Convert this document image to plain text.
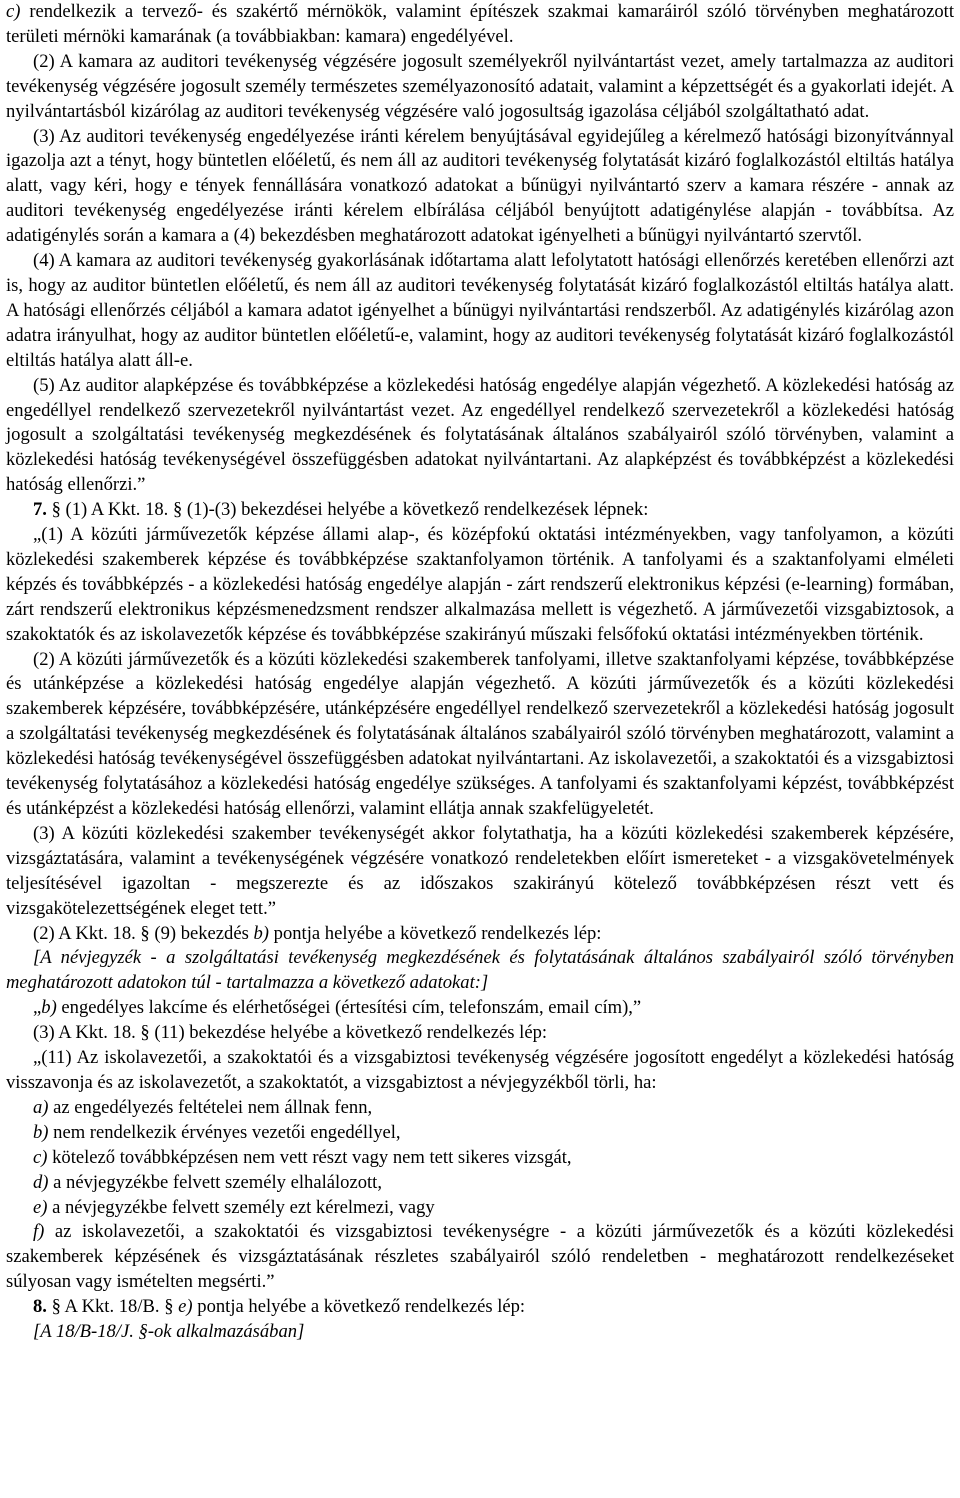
c) rendelkezik a tervező- és szakértő mérnökök, valamint építészek szakmai kamaráiról szóló törvényben meghatározott területi mérnöki kamarának (a továbbiakban: kamara) engedélyével.

(2) A kamara az auditori tevékenység végzésére jogosult személyekről nyilvántartást vezet, amely tartalmazza az auditori tevékenység végzésére jogosult személy természetes személyazonosító adatait, valamint a képzettségét és a gyakorlati idejét. A nyilvántartásból kizárólag az auditori tevékenység végzésére való jogosultság igazolása céljából szolgáltatható adat.

(3) Az auditori tevékenység engedélyezése iránti kérelem benyújtásával egyidejűleg a kérelmező hatósági bizonyítvánnyal igazolja azt a tényt, hogy büntetlen előéletű, és nem áll az auditori tevékenység folytatását kizáró foglalkozástól eltiltás hatálya alatt, vagy kéri, hogy e tények fennállására vonatkozó adatokat a bűnügyi nyilvántartó szerv a kamara részére - annak az auditori tevékenység engedélyezése iránti kérelem elbírálása céljából benyújtott adatigénylése alapján - továbbítsa. Az adatigénylés során a kamara a (4) bekezdésben meghatározott adatokat igényelheti a bűnügyi nyilvántartó szervtől.

(4) A kamara az auditori tevékenység gyakorlásának időtartama alatt lefolytatott hatósági ellenőrzés keretében ellenőrzi azt is, hogy az auditor büntetlen előéletű, és nem áll az auditori tevékenység folytatását kizáró foglalkozástól eltiltás hatálya alatt. A hatósági ellenőrzés céljából a kamara adatot igényelhet a bűnügyi nyilvántartási rendszerből. Az adatigénylés kizárólag azon adatra irányulhat, hogy az auditor büntetlen előéletű-e, valamint, hogy az auditori tevékenység folytatását kizáró foglalkozástól eltiltás hatálya alatt áll-e.

(5) Az auditor alapképzése és továbbképzése a közlekedési hatóság engedélye alapján végezhető. A közlekedési hatóság az engedéllyel rendelkező szervezetekről nyilvántartást vezet. Az engedéllyel rendelkező szervezetekről a közlekedési hatóság jogosult a szolgáltatási tevékenység megkezdésének és folytatásának általános szabályairól szóló törvényben, valamint a közlekedési hatóság tevékenységével összefüggésben adatokat nyilvántartani. Az alapképzést és továbbképzést a közlekedési hatóság ellenőrzi.”

7. § (1) A Kkt. 18. § (1)-(3) bekezdései helyébe a következő rendelkezések lépnek:

„(1) A közúti járművezetők képzése állami alap-, és középfokú oktatási intézményekben, vagy tanfolyamon, a közúti közlekedési szakemberek képzése és továbbképzése szaktanfolyamon történik. A tanfolyami és a szaktanfolyami elméleti képzés és továbbképzés - a közlekedési hatóság engedélye alapján - zárt rendszerű elektronikus képzési (e-learning) formában, zárt rendszerű elektronikus képzésmenedzsment rendszer alkalmazása mellett is végezhető. A járművezetői vizsgabiztosok, a szakoktatók és az iskolavezetők képzése és továbbképzése szakirányú műszaki felsőfokú oktatási intézményekben történik.

(2) A közúti járművezetők és a közúti közlekedési szakemberek tanfolyami, illetve szaktanfolyami képzése, továbbképzése és utánképzése a közlekedési hatóság engedélye alapján végezhető. A közúti járművezetők és a közúti közlekedési szakemberek képzésére, továbbképzésére, utánképzésére engedéllyel rendelkező szervezetekről a közlekedési hatóság jogosult a szolgáltatási tevékenység megkezdésének és folytatásának általános szabályairól szóló törvényben meghatározott, valamint a közlekedési hatóság tevékenységével összefüggésben adatokat nyilvántartani. Az iskolavezetői, a szakoktatói és a vizsgabiztosi tevékenység folytatásához a közlekedési hatóság engedélye szükséges. A tanfolyami és szaktanfolyami képzést, továbbképzést és utánképzést a közlekedési hatóság ellenőrzi, valamint ellátja annak szakfelügyeletét.

(3) A közúti közlekedési szakember tevékenységét akkor folytathatja, ha a közúti közlekedési szakemberek képzésére, vizsgáztatására, valamint a tevékenységének végzésére vonatkozó rendeletekben előírt ismereteket - a vizsgakövetelmények teljesítésével igazoltan - megszerezte és az időszakos szakirányú kötelező továbbképzésen részt vett és vizsgakötelezettségének eleget tett.”

(2) A Kkt. 18. § (9) bekezdés b) pontja helyébe a következő rendelkezés lép:

[A névjegyzék - a szolgáltatási tevékenység megkezdésének és folytatásának általános szabályairól szóló törvényben meghatározott adatokon túl - tartalmazza a következő adatokat:]

„b) engedélyes lakcíme és elérhetőségei (értesítési cím, telefonszám, email cím),”

(3) A Kkt. 18. § (11) bekezdése helyébe a következő rendelkezés lép:

„(11) Az iskolavezetői, a szakoktatói és a vizsgabiztosi tevékenység végzésére jogosított engedélyt a közlekedési hatóság visszavonja és az iskolavezetőt, a szakoktatót, a vizsgabiztost a névjegyzékből törli, ha:

a) az engedélyezés feltételei nem állnak fenn,

b) nem rendelkezik érvényes vezetői engedéllyel,

c) kötelező továbbképzésen nem vett részt vagy nem tett sikeres vizsgát,

d) a névjegyzékbe felvett személy elhalálozott,

e) a névjegyzékbe felvett személy ezt kérelmezi, vagy

f) az iskolavezetői, a szakoktatói és vizsgabiztosi tevékenységre - a közúti járművezetők és a közúti közlekedési szakemberek képzésének és vizsgáztatásának részletes szabályairól szóló rendeletben - meghatározott rendelkezéseket súlyosan vagy ismételten megsérti.”

8. § A Kkt. 18/B. § e) pontja helyébe a következő rendelkezés lép:

[A 18/B-18/J. §-ok alkalmazásában]
